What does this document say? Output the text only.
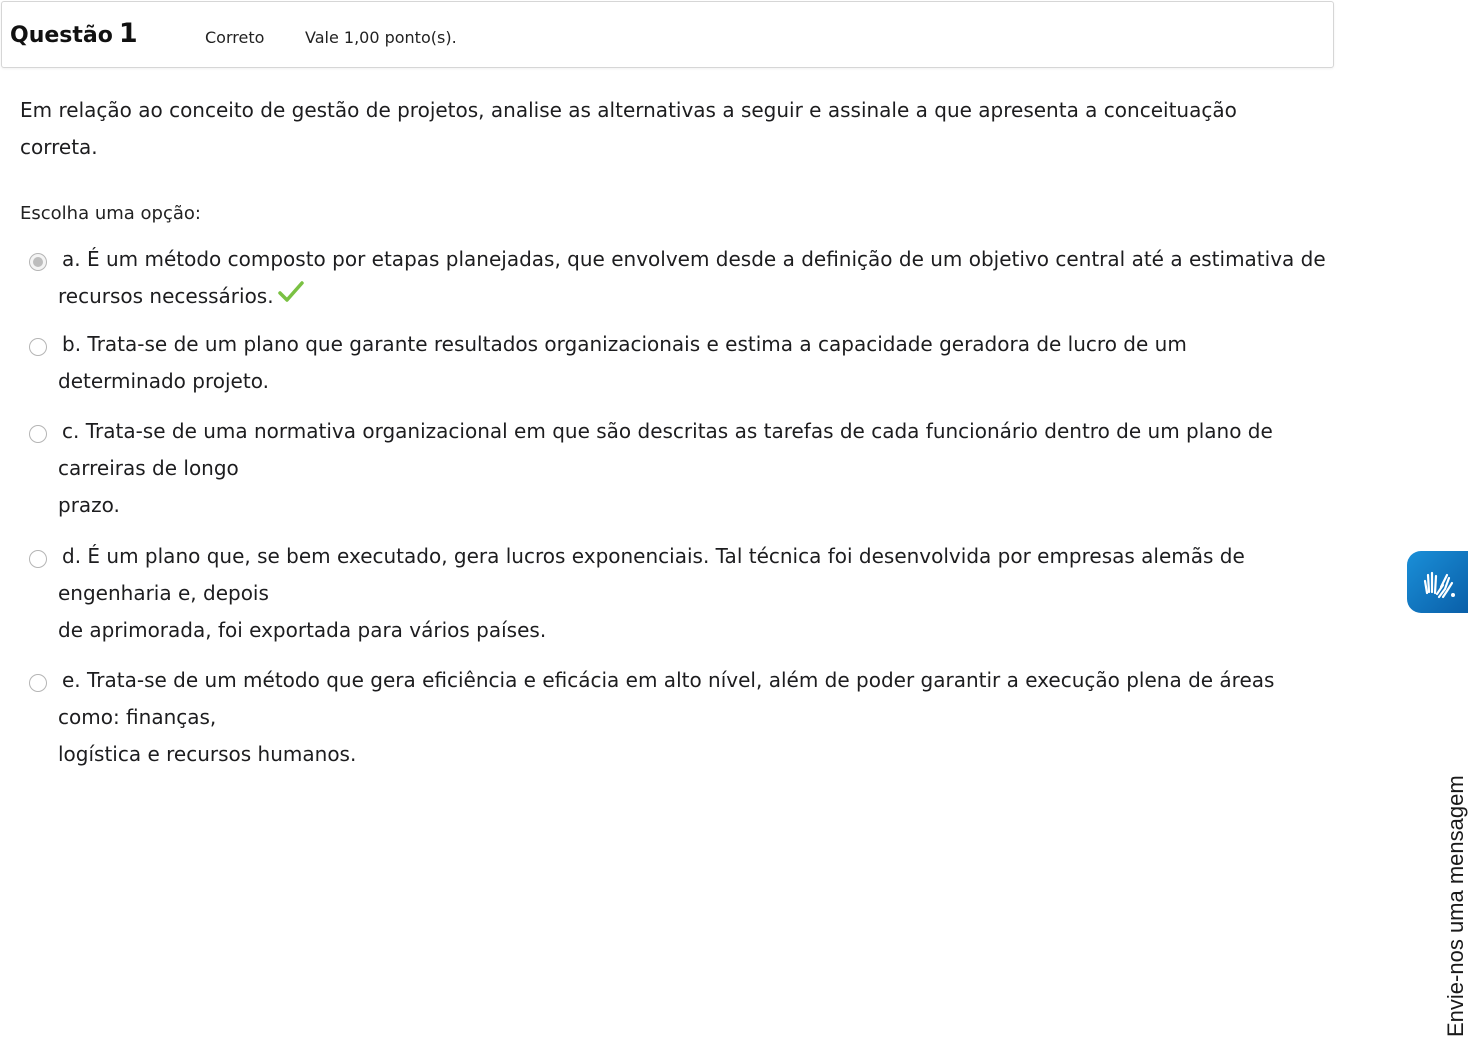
Questão 1	Correto	Vale 1,00 ponto(s).
Em relação ao conceito de gestão de projetos, analise as alternativas a seguir e assinale a que apresenta a conceituação
correta.
Escolha uma opção:
a. É um método composto por etapas planejadas, que envolvem desde a definição de um objetivo central até a estimativa de
recursos necessários.
b. Trata-se de um plano que garante resultados organizacionais e estima a capacidade geradora de lucro de um
determinado projeto.
c. Trata-se de uma normativa organizacional em que são descritas as tarefas de cada funcionário dentro de um plano de
carreiras de longo
prazo.
d. É um plano que, se bem executado, gera lucros exponenciais. Tal técnica foi desenvolvida por empresas alemãs de
engenharia e, depois
de aprimorada, foi exportada para vários países.
e. Trata-se de um método que gera eficiência e eficácia em alto nível, além de poder garantir a execução plena de áreas
como: finanças,
logística e recursos humanos.
Envie-nos uma mensagem
